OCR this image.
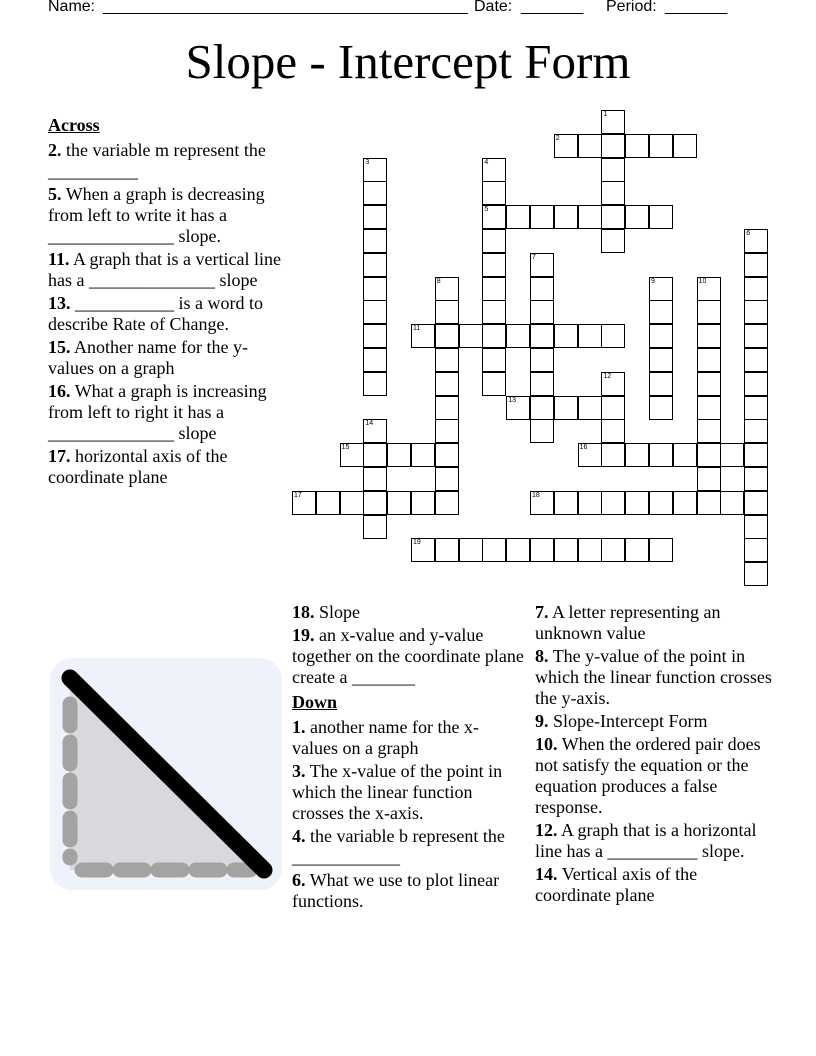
Name: _________________________________________ Date: _______ Period: _______
Slope - Intercept Form
1
2
3	4
5
6
7
8	9	10
11
12
13
14
15	16
17	18
19
Across
2. the variable m represent the __________
5. When a graph is decreasing from left to write it has a ______________ slope.
11. A graph that is a vertical line has a ______________ slope
13. ___________ is a word to describe Rate of Change.
15. Another name for the y-values on a graph
16. What a graph is increasing from left to right it has a ______________ slope
17. horizontal axis of the coordinate plane
18. Slope
19. an x-value and y-value together on the coordinate plane create a _______
Down
1. another name for the x-values on a graph
3. The x-value of the point in which the linear function crosses the x-axis.
4. the variable b represent the ____________
6. What we use to plot linear functions.
7. A letter representing an unknown value
8. The y-value of the point in which the linear function crosses the y-axis.
9. Slope-Intercept Form
10. When the ordered pair does not satisfy the equation or the equation produces a false response.
12. A graph that is a horizontal line has a __________ slope.
14. Vertical axis of the coordinate plane
